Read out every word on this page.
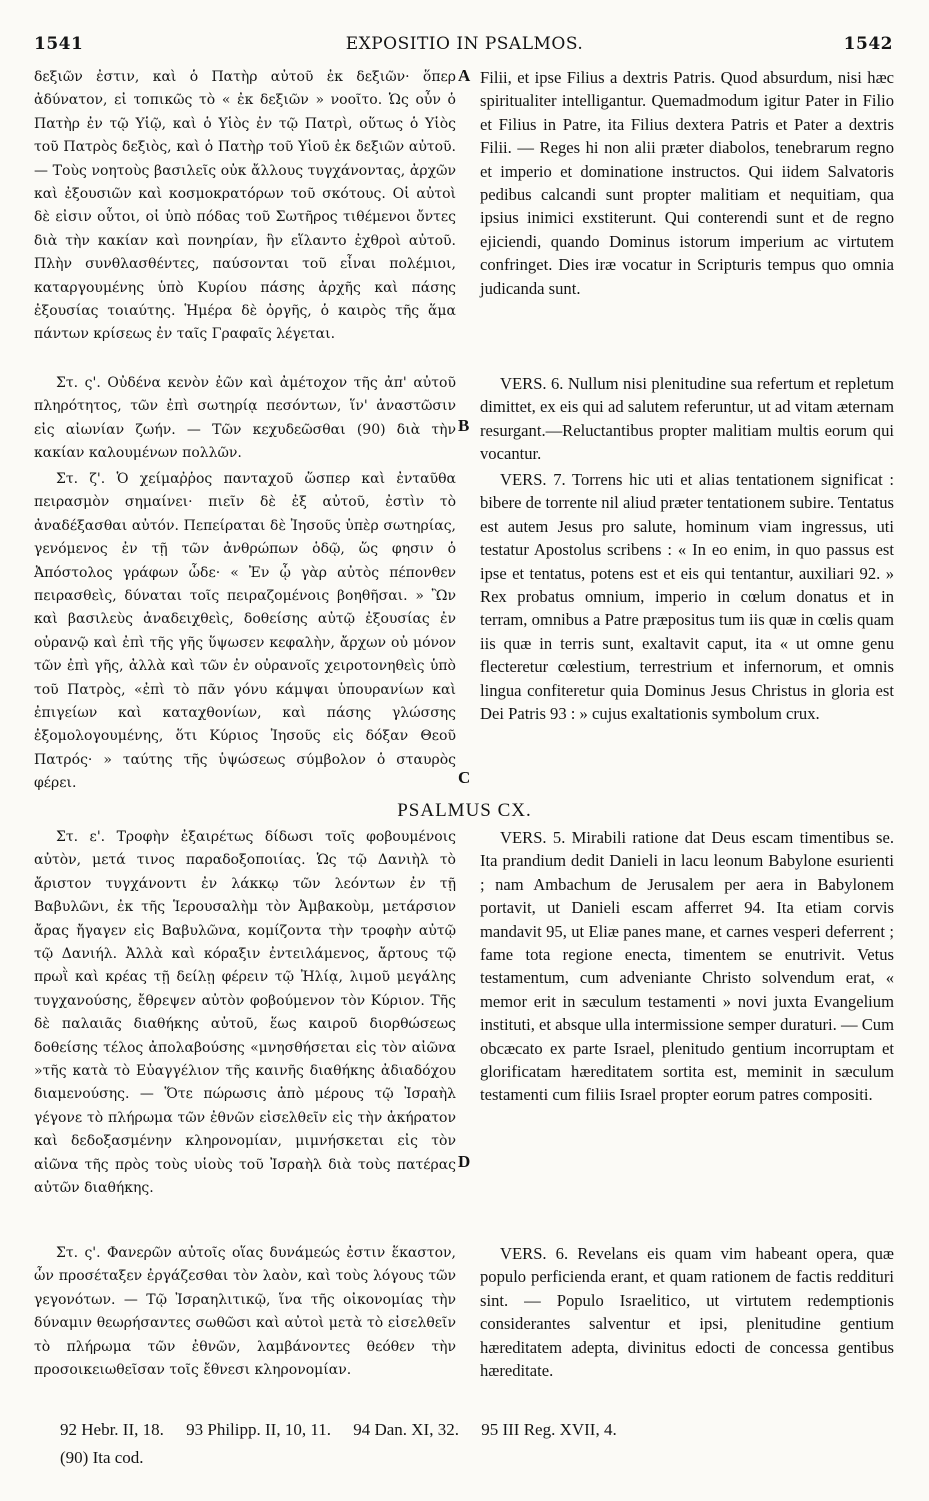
1541	EXPOSITIO IN PSALMOS.	1542

δεξιῶν ἐστιν, καὶ ὁ Πατὴρ αὐτοῦ ἐκ δεξιῶν· ὅπερ ἀδύνατον, εἰ τοπικῶς τὸ « ἐκ δεξιῶν » νοοῖτο. Ὡς οὖν ὁ Πατὴρ ἐν τῷ Υἱῷ, καὶ ὁ Υἱὸς ἐν τῷ Πατρὶ, οὕτως ὁ Υἱὸς τοῦ Πατρὸς δεξιὸς, καὶ ὁ Πατὴρ τοῦ Υἱοῦ ἐκ δεξιῶν αὐτοῦ. — Τοὺς νοητοὺς βασιλεῖς οὐκ ἄλλους τυγχάνοντας, ἀρχῶν καὶ ἐξουσιῶν καὶ κοσμοκρατόρων τοῦ σκότους. Οἱ αὐτοὶ δὲ εἰσιν οὗτοι, οἱ ὑπὸ πόδας τοῦ Σωτῆρος τιθέμενοι ὄντες διὰ τὴν κακίαν καὶ πονηρίαν, ἣν εἵλαντο ἐχθροὶ αὐτοῦ. Πλὴν συνθλασθέντες, παύσονται τοῦ εἶναι πολέμιοι, καταργουμένης ὑπὸ Κυρίου πάσης ἀρχῆς καὶ πάσης ἐξουσίας τοιαύτης. Ἡμέρα δὲ ὀργῆς, ὁ καιρὸς τῆς ἅμα πάντων κρίσεως ἐν ταῖς Γραφαῖς λέγεται.

Στ. ς'. Οὐδένα κενὸν ἐῶν καὶ ἀμέτοχον τῆς ἀπ' αὐτοῦ πληρότητος, τῶν ἐπὶ σωτηρίᾳ πεσόντων, ἵν' ἀναστῶσιν εἰς αἰωνίαν ζωήν. — Τῶν κεχυδεῶσθαι (90) διὰ τὴν κακίαν καλουμένων πολλῶν.

Στ. ζ'. Ὁ χείμαῤῥος πανταχοῦ ὥσπερ καὶ ἐνταῦθα πειρασμὸν σημαίνει· πιεῖν δὲ ἐξ αὐτοῦ, ἐστὶν τὸ ἀναδέξασθαι αὐτόν. Πεπείραται δὲ Ἰησοῦς ὑπὲρ σωτηρίας, γενόμενος ἐν τῇ τῶν ἀνθρώπων ὁδῷ, ὥς φησιν ὁ Ἀπόστολος γράφων ὧδε· « Ἐν ᾧ γὰρ αὐτὸς πέπονθεν πειρασθεὶς, δύναται τοῖς πειραζομένοις βοηθῆσαι. » Ὢν καὶ βασιλεὺς ἀναδειχθεὶς, δοθείσης αὐτῷ ἐξουσίας ἐν οὐρανῷ καὶ ἐπὶ τῆς γῆς ὕψωσεν κεφαλὴν, ἄρχων οὐ μόνον τῶν ἐπὶ γῆς, ἀλλὰ καὶ τῶν ἐν οὐρανοῖς χειροτονηθεὶς ὑπὸ τοῦ Πατρὸς, «ἐπὶ τὸ πᾶν γόνυ κάμψαι ὑπουρανίων καὶ ἐπιγείων καὶ καταχθονίων, καὶ πάσης γλώσσης ἐξομολογουμένης, ὅτι Κύριος Ἰησοῦς εἰς δόξαν Θεοῦ Πατρός· » ταύτης τῆς ὑψώσεως σύμβολον ὁ σταυρὸς φέρει.

Στ. ε'. Τροφὴν ἐξαιρέτως δίδωσι τοῖς φοβουμένοις αὐτὸν, μετά τινος παραδοξοποιίας. Ὡς τῷ Δανιὴλ τὸ ἄριστον τυγχάνοντι ἐν λάκκῳ τῶν λεόντων ἐν τῇ Βαβυλῶνι, ἐκ τῆς Ἱερουσαλὴμ τὸν Ἀμβακοὺμ, μετάρσιον ἄρας ἤγαγεν εἰς Βαβυλῶνα, κομίζοντα τὴν τροφὴν αὐτῷ τῷ Δανιήλ. Ἀλλὰ καὶ κόραξιν ἐντειλάμενος, ἄρτους τῷ πρωῒ καὶ κρέας τῇ δείλῃ φέρειν τῷ Ἠλίᾳ, λιμοῦ μεγάλης τυγχανούσης, ἔθρεψεν αὐτὸν φοβούμενον τὸν Κύριον. Τῆς δὲ παλαιᾶς διαθήκης αὐτοῦ, ἕως καιροῦ διορθώσεως δοθείσης τέλος ἀπολαβούσης «μνησθήσεται εἰς τὸν αἰῶνα »τῆς κατὰ τὸ Εὐαγγέλιον τῆς καινῆς διαθήκης ἀδιαδόχου διαμενούσης. — Ὅτε πώρωσις ἀπὸ μέρους τῷ Ἰσραὴλ γέγονε τὸ πλήρωμα τῶν ἐθνῶν εἰσελθεῖν εἰς τὴν ἀκήρατον καὶ δεδοξασμένην κληρονομίαν, μιμνήσκεται εἰς τὸν αἰῶνα τῆς πρὸς τοὺς υἱοὺς τοῦ Ἰσραὴλ διὰ τοὺς πατέρας αὐτῶν διαθήκης.

Στ. ς'. Φανερῶν αὐτοῖς οἵας δυνάμεώς ἐστιν ἕκαστον, ὧν προσέταξεν ἐργάζεσθαι τὸν λαὸν, καὶ τοὺς λόγους τῶν γεγονότων. — Τῷ Ἰσραηλιτικῷ, ἵνα τῆς οἰκονομίας τὴν δύναμιν θεωρήσαντες σωθῶσι καὶ αὐτοὶ μετὰ τὸ εἰσελθεῖν τὸ πλήρωμα τῶν ἐθνῶν, λαμβάνοντες θεόθεν τὴν προσοικειωθεῖσαν τοῖς ἔθνεσι κληρονομίαν.

A
B
C
D
PSALMUS CX.

Filii, et ipse Filius a dextris Patris. Quod absurdum, nisi hæc spiritualiter intelligantur. Quemadmodum igitur Pater in Filio et Filius in Patre, ita Filius dextera Patris et Pater a dextris Filii. — Reges hi non alii præter diabolos, tenebrarum regno et imperio et dominatione instructos. Qui iidem Salvatoris pedibus calcandi sunt propter malitiam et nequitiam, qua ipsius inimici exstiterunt. Qui conterendi sunt et de regno ejiciendi, quando Dominus istorum imperium ac virtutem confringet. Dies iræ vocatur in Scripturis tempus quo omnia judicanda sunt.

VERS. 6. Nullum nisi plenitudine sua refertum et repletum dimittet, ex eis qui ad salutem referuntur, ut ad vitam æternam resurgant.—Reluctantibus propter malitiam multis eorum qui vocantur.

VERS. 7. Torrens hic uti et alias tentationem significat : bibere de torrente nil aliud præter tentationem subire. Tentatus est autem Jesus pro salute, hominum viam ingressus, uti testatur Apostolus scribens : « In eo enim, in quo passus est ipse et tentatus, potens est et eis qui tentantur, auxiliari 92. » Rex probatus omnium, imperio in cœlum donatus et in terram, omnibus a Patre præpositus tum iis quæ in cœlis quam iis quæ in terris sunt, exaltavit caput, ita « ut omne genu flecteretur cœlestium, terrestrium et infernorum, et omnis lingua confiteretur quia Dominus Jesus Christus in gloria est Dei Patris 93 : » cujus exaltationis symbolum crux.

VERS. 5. Mirabili ratione dat Deus escam timentibus se. Ita prandium dedit Danieli in lacu leonum Babylone esurienti ; nam Ambachum de Jerusalem per aera in Babylonem portavit, ut Danieli escam afferret 94. Ita etiam corvis mandavit 95, ut Eliæ panes mane, et carnes vesperi deferrent ; fame tota regione enecta, timentem se enutrivit. Vetus testamentum, cum adveniante Christo solvendum erat, « memor erit in sæculum testamenti » novi juxta Evangelium instituti, et absque ulla intermissione semper duraturi. — Cum obcæcato ex parte Israel, plenitudo gentium incorruptam et glorificatam hæreditatem sortita est, meminit in sæculum testamenti cum filiis Israel propter eorum patres compositi.

VERS. 6. Revelans eis quam vim habeant opera, quæ populo perficienda erant, et quam rationem de factis reddituri sint. — Populo Israelitico, ut virtutem redemptionis considerantes salventur et ipsi, plenitudine gentium hæreditatem adepta, divinitus edocti de concessa gentibus hæreditate.

92 Hebr. II, 18. 93 Philipp. II, 10, 11. 94 Dan. XI, 32. 95 III Reg. XVII, 4.
(90) Ita cod.
